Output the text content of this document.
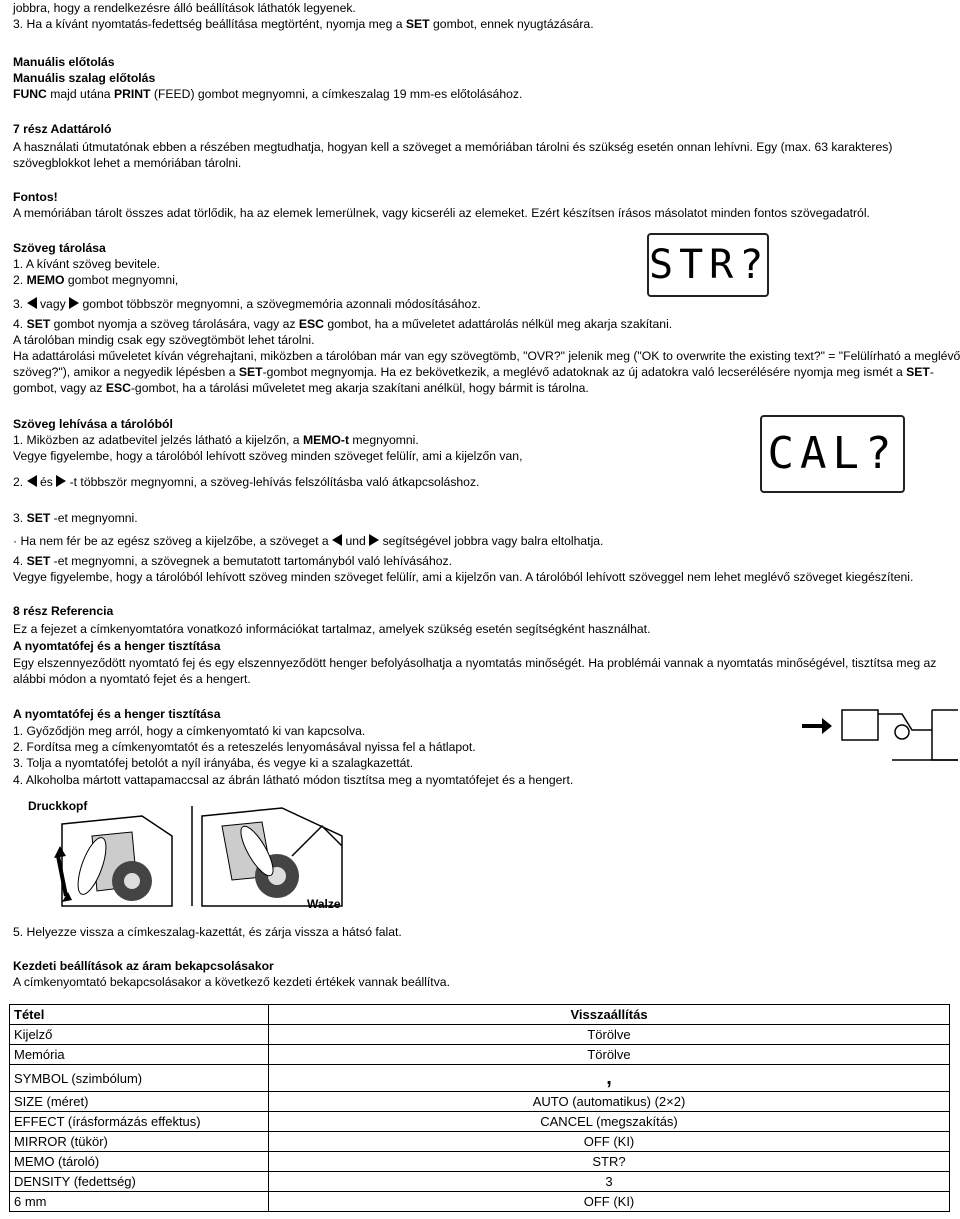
jobbra, hogy a rendelkezésre álló beállítások láthatók legyenek.
3. Ha a kívánt nyomtatás-fedettség beállítása megtörtént, nyomja meg a SET gombot, ennek nyugtázására.
Manuális előtolás
Manuális szalag előtolás
FUNC majd utána PRINT (FEED) gombot megnyomni, a címkeszalag 19 mm-es előtolásához.
7 rész Adattároló
A használati útmutatónak ebben a részében megtudhatja, hogyan kell a szöveget a memóriában tárolni és szükség esetén onnan lehívni. Egy (max. 63 karakteres)
szövegblokkot lehet a memóriában tárolni.
Fontos!
A memóriában tárolt összes adat törlődik, ha az elemek lemerülnek, vagy kicseréli az elemeket. Ezért készítsen írásos másolatot minden fontos szövegadatról.
Szöveg tárolása
1. A kívánt szöveg bevitele.
2. MEMO gombot megnyomni,	STR?
3.  vagy  gombot többször megnyomni, a szövegmemória azonnali módosításához.
4. SET gombot nyomja a szöveg tárolására, vagy az ESC gombot, ha a műveletet adattárolás nélkül meg akarja szakítani.
A tárolóban mindig csak egy szövegtömböt lehet tárolni.
Ha adattárolási műveletet kíván végrehajtani, miközben a tárolóban már van egy szövegtömb, "OVR?" jelenik meg ("OK to overwrite the existing text?" = "Felülírható a meglévő
szöveg?"), amikor a negyedik lépésben a SET-gombot megnyomja. Ha ez bekövetkezik, a meglévő adatoknak az új adatokra való lecserélésére nyomja meg ismét a SET-
gombot, vagy az ESC-gombot, ha a tárolási műveletet meg akarja szakítani anélkül, hogy bármit is tárolna.
Szöveg lehívása a tárolóból
1. Miközben az adatbevitel jelzés látható a kijelzőn, a MEMO-t megnyomni.
Vegye figyelembe, hogy a tárolóból lehívott szöveg minden szöveget felülír, ami a kijelzőn van,	CAL?
2.  és  -t többször megnyomni, a szöveg-lehívás felszólításba való átkapcsoláshoz.
3. SET -et megnyomni.
· Ha nem fér be az egész szöveg a kijelzőbe, a szöveget a  und  segítségével jobbra vagy balra eltolhatja.
4. SET -et megnyomni, a szövegnek a bemutatott tartományból való lehívásához.
Vegye figyelembe, hogy a tárolóból lehívott szöveg minden szöveget felülír, ami a kijelzőn van. A tárolóból lehívott szöveggel nem lehet meglévő szöveget kiegészíteni.
8 rész Referencia
Ez a fejezet a címkenyomtatóra vonatkozó információkat tartalmaz, amelyek szükség esetén segítségként használhat.
A nyomtatófej és a henger tisztítása
Egy elszennyeződött nyomtató fej és egy elszennyeződött henger befolyásolhatja a nyomtatás minőségét. Ha problémái vannak a nyomtatás minőségével, tisztítsa meg az
alábbi módon a nyomtató fejet és a hengert.
A nyomtatófej és a henger tisztítása
1. Győződjön meg arról, hogy a címkenyomtató ki van kapcsolva.
2. Fordítsa meg a címkenyomtatót és a reteszelés lenyomásával nyissa fel a hátlapot.
3. Tolja a nyomtatófej betolót a nyíl irányába, és vegye ki a szalagkazettát.
4. Alkoholba mártott vattapamaccsal az ábrán látható módon tisztítsa meg a nyomtatófejet és a hengert.
Druckkopf
Walze
5. Helyezze vissza a címkeszalag-kazettát, és zárja vissza a hátsó falat.
Kezdeti beállítások az áram bekapcsolásakor
A címkenyomtató bekapcsolásakor a következő kezdeti értékek vannak beállítva.
Tétel	Visszaállítás
Kijelző	Törölve
Memória	Törölve
SYMBOL (szimbólum)	,
SIZE (méret)	AUTO (automatikus) (2×2)
EFFECT (írásformázás effektus)	CANCEL (megszakítás)
MIRROR (tükör)	OFF (KI)
MEMO (tároló)	STR?
DENSITY (fedettség)	3
6 mm	OFF (KI)
